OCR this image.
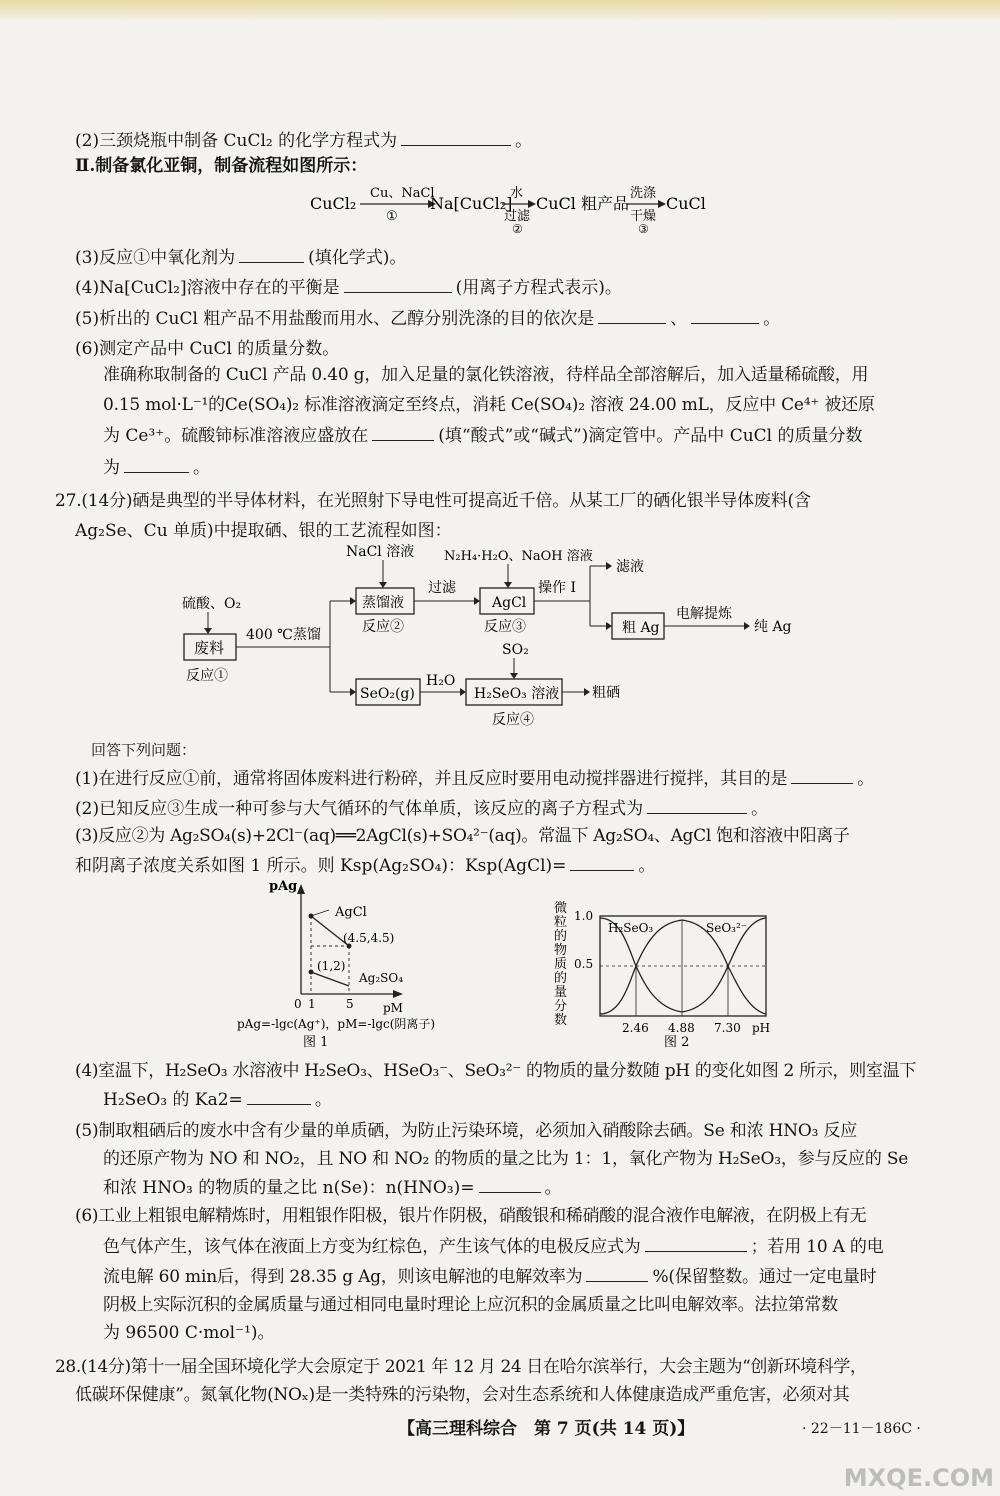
(2)三颈烧瓶中制备 CuCl₂ 的化学方程式为	。
Ⅱ.制备氯化亚铜，制备流程如图所示：
CuCl₂
Cu、NaCl
①
Na[CuCl₂]
水
过滤
②
CuCl 粗产品
洗涤
干燥
③
CuCl
(3)反应①中氧化剂为	(填化学式)。
(4)Na[CuCl₂]溶液中存在的平衡是	(用离子方程式表示)。
(5)析出的 CuCl 粗产品不用盐酸而用水、乙醇分别洗涤的目的依次是	、	。
(6)测定产品中 CuCl 的质量分数。
准确称取制备的 CuCl 产品 0.40 g，加入足量的氯化铁溶液，待样品全部溶解后，加入适量稀硫酸，用
0.15 mol·L⁻¹的Ce(SO₄)₂ 标准溶液滴定至终点，消耗 Ce(SO₄)₂ 溶液 24.00 mL，反应中 Ce⁴⁺ 被还原
为 Ce³⁺。硫酸铈标准溶液应盛放在	(填“酸式”或“碱式”)滴定管中。产品中 CuCl 的质量分数
为	。
27.(14分)硒是典型的半导体材料，在光照射下导电性可提高近千倍。从某工厂的硒化银半导体废料(含
Ag₂Se、Cu 单质)中提取硒、银的工艺流程如图：
硫酸、O₂
废料
反应①
400 ℃蒸馏
NaCl 溶液
蒸馏液
反应②
过滤
AgCl
反应③
N₂H₄·H₂O、NaOH 溶液
操作 Ⅰ
滤液
粗 Ag
电解提炼
纯 Ag
SeO₂(g)
H₂O
SO₂
H₂SeO₃ 溶液 粗硒
反应④
回答下列问题：
(1)在进行反应①前，通常将固体废料进行粉碎，并且反应时要用电动搅拌器进行搅拌，其目的是	。
(2)已知反应③生成一种可参与大气循环的气体单质，该反应的离子方程式为	。
(3)反应②为 Ag₂SO₄(s)+2Cl⁻(aq)══2AgCl(s)+SO₄²⁻(aq)。常温下 Ag₂SO₄、AgCl 饱和溶液中阳离子
和阴离子浓度关系如图 1 所示。则 Ksp(Ag₂SO₄)：Ksp(AgCl)=	。
pAg
AgCl
(4.5,4.5)
(1,2)
Ag₂SO₄
0 1	5 pM
pAg=-lgc(Ag⁺)，pM=-lgc(阴离子)
图 1
微
粒
的
物
质
的
量
分
数
1.0
0.5
H₂SeO₃	SeO₃²⁻
2.46 4.88 7.30 pH
图 2
(4)室温下，H₂SeO₃ 水溶液中 H₂SeO₃、HSeO₃⁻、SeO₃²⁻ 的物质的量分数随 pH 的变化如图 2 所示，则室温下
H₂SeO₃ 的 Ka2=	。
(5)制取粗硒后的废水中含有少量的单质硒，为防止污染环境，必须加入硝酸除去硒。Se 和浓 HNO₃ 反应
的还原产物为 NO 和 NO₂，且 NO 和 NO₂ 的物质的量之比为 1：1，氧化产物为 H₂SeO₃，参与反应的 Se
和浓 HNO₃ 的物质的量之比 n(Se)：n(HNO₃)=	。
(6)工业上粗银电解精炼时，用粗银作阳极，银片作阴极，硝酸银和稀硝酸的混合液作电解液，在阴极上有无
色气体产生，该气体在液面上方变为红棕色，产生该气体的电极反应式为	；若用 10 A 的电
流电解 60 min后，得到 28.35 g Ag，则该电解池的电解效率为	%(保留整数。通过一定电量时
阴极上实际沉积的金属质量与通过相同电量时理论上应沉积的金属质量之比叫电解效率。法拉第常数
为 96500 C·mol⁻¹)。
28.(14分)第十一届全国环境化学大会原定于 2021 年 12 月 24 日在哈尔滨举行，大会主题为“创新环境科学，
低碳环保健康”。氮氧化物(NOₓ)是一类特殊的污染物，会对生态系统和人体健康造成严重危害，必须对其
【高三理科综合　第 7 页(共 14 页)】	· 22－11－186C ·
MXQE.COM
